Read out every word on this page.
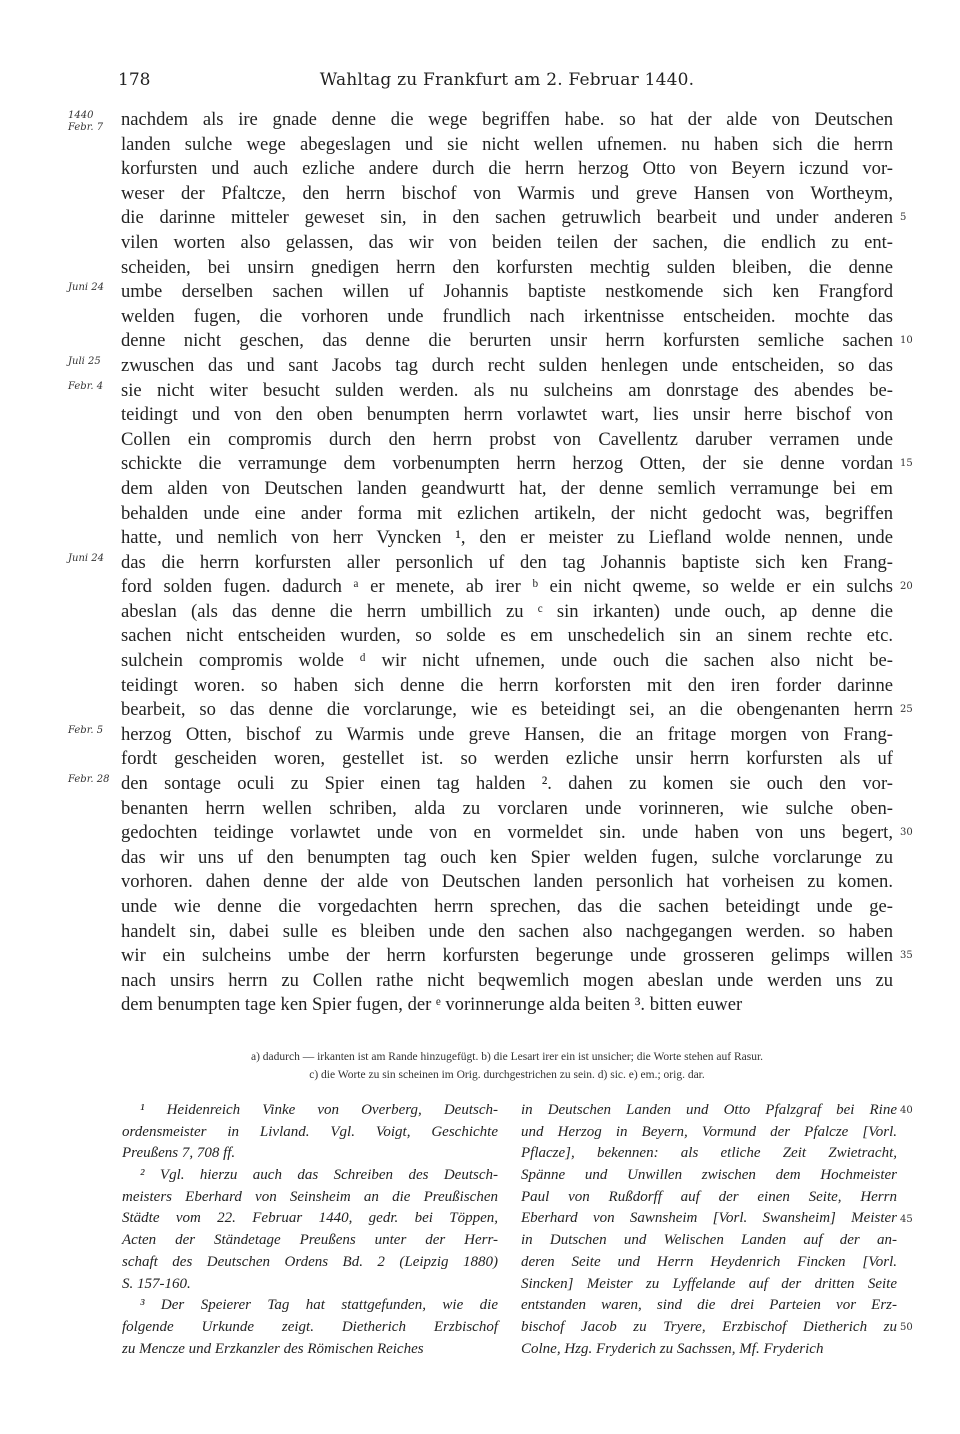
178	Wahltag zu Frankfurt am 2. Februar 1440.
1440
Febr. 7 nachdem als ire gnade denne die wege begriffen habe. so hat der alde von Deutschen
landen sulche wege abegeslagen und sie nicht wellen ufnemen. nu haben sich die herrn
korfursten und auch ezliche andere durch die herrn herzog Otto von Beyern iczund vor-
weser der Pfaltcze, den herrn bischof von Warmis und greve Hansen von Wortheym,
die darinne mitteler geweset sin, in den sachen getruwlich bearbeit und under anderen 5
vilen worten also gelassen, das wir von beiden teilen der sachen, die endlich zu ent-
scheiden, bei unsirn gnedigen herrn den korfursten mechtig sulden bleiben, die denne
Juni 24 umbe derselben sachen willen uf Johannis baptiste nestkomende sich ken Frangford
welden fugen, die vorhoren unde frundlich nach irkentnisse entscheiden. mochte das
denne nicht geschen, das denne die berurten unsir herrn korfursten semliche sachen 10
Juli 25	zwuschen das und sant Jacobs tag durch recht sulden henlegen unde entscheiden, so das
Febr. 4 sie nicht witer besucht sulden werden. als nu sulcheins am donrstage des abendes be-
teidingt und von den oben benumpten herrn vorlawtet wart, lies unsir herre bischof von
Collen ein compromis durch den herrn probst von Cavellentz daruber verramen unde
schickte die verramunge dem vorbenumpten herrn herzog Otten, der sie denne vordan 15
dem alden von Deutschen landen geandwurtt hat, der denne semlich verramunge bei em
behalden unde eine ander forma mit ezlichen artikeln, der nicht gedocht was, begriffen
hatte, und nemlich von herr Vyncken ¹, den er meister zu Liefland wolde nennen, unde
Juni 24 das die herrn korfursten aller personlich uf den tag Johannis baptiste sich ken Frang-
ford solden fugen. dadurch ᵃ er menete, ab irer ᵇ ein nicht qweme, so welde er ein sulchs 20
abeslan (als das denne die herrn umbillich zu ᶜ sin irkanten) unde ouch, ap denne die
sachen nicht entscheiden wurden, so solde es em unschedelich sin an sinem rechte etc.
sulchein compromis wolde ᵈ wir nicht ufnemen, unde ouch die sachen also nicht be-
teidingt woren. so haben sich denne die herrn korforsten mit den iren forder darinne
bearbeit, so das denne die vorclarunge, wie es beteidingt sei, an die obengenanten herrn 25
Febr. 5 herzog Otten, bischof zu Warmis unde greve Hansen, die an fritage morgen von Frang-
fordt gescheiden woren, gestellet ist. so werden ezliche unsir herrn korfursten als uf
Febr. 28 den sontage oculi zu Spier einen tag halden ². dahen zu komen sie ouch den vor-
benanten herrn wellen schriben, alda zu vorclaren unde vorinneren, wie sulche oben-
gedochten teidinge vorlawtet unde von en vormeldet sin. unde haben von uns begert, 30
das wir uns uf den benumpten tag ouch ken Spier welden fugen, sulche vorclarunge zu
vorhoren. dahen denne der alde von Deutschen landen personlich hat vorheisen zu komen.
unde wie denne die vorgedachten herrn sprechen, das die sachen beteidingt unde ge-
handelt sin, dabei sulle es bleiben unde den sachen also nachgegangen werden. so haben
wir ein sulcheins umbe der herrn korfursten begerunge unde grosseren gelimps willen 35
nach unsirs herrn zu Collen rathe nicht beqwemlich mogen abeslan unde werden uns zu
dem benumpten tage ken Spier fugen, der ᵉ vorinnerunge alda beiten ³. bitten euwer
a) dadurch — irkanten ist am Rande hinzugefügt. b) die Lesart irer ein ist unsicher; die Worte stehen auf Rasur.
c) die Worte zu sin scheinen im Orig. durchgestrichen zu sein. d) sic. e) em.; orig. dar.
¹ Heidenreich Vinke von Overberg, Deutsch-
ordensmeister in Livland. Vgl. Voigt, Geschichte
Preußens 7, 708 ff.
² Vgl. hierzu auch das Schreiben des Deutsch-
meisters Eberhard von Seinsheim an die Preußischen
Städte vom 22. Februar 1440, gedr. bei Töppen,
Acten der Ständetage Preußens unter der Herr-
schaft des Deutschen Ordens Bd. 2 (Leipzig 1880)
S. 157-160.
³ Der Speierer Tag hat stattgefunden, wie die
folgende Urkunde zeigt. Dietherich Erzbischof
zu Mencze und Erzkanzler des Römischen Reiches
in Deutschen Landen und Otto Pfalzgraf bei Rine
und Herzog in Beyern, Vormund der Pfalcze [Vorl.
Pflacze], bekennen: als etliche Zeit Zwietracht,
Spänne und Unwillen zwischen dem Hochmeister
Paul von Rußdorff auf der einen Seite, Herrn
Eberhard von Sawnsheim [Vorl. Swansheim] Meister
in Dutschen und Welischen Landen auf der an-
deren Seite und Herrn Heydenrich Fincken [Vorl.
Sincken] Meister zu Lyffelande auf der dritten Seite
entstanden waren, sind die drei Parteien vor Erz-
bischof Jacob zu Tryere, Erzbischof Dietherich zu
Colne, Hzg. Fryderich zu Sachssen, Mf. Fryderich
40
45
50
